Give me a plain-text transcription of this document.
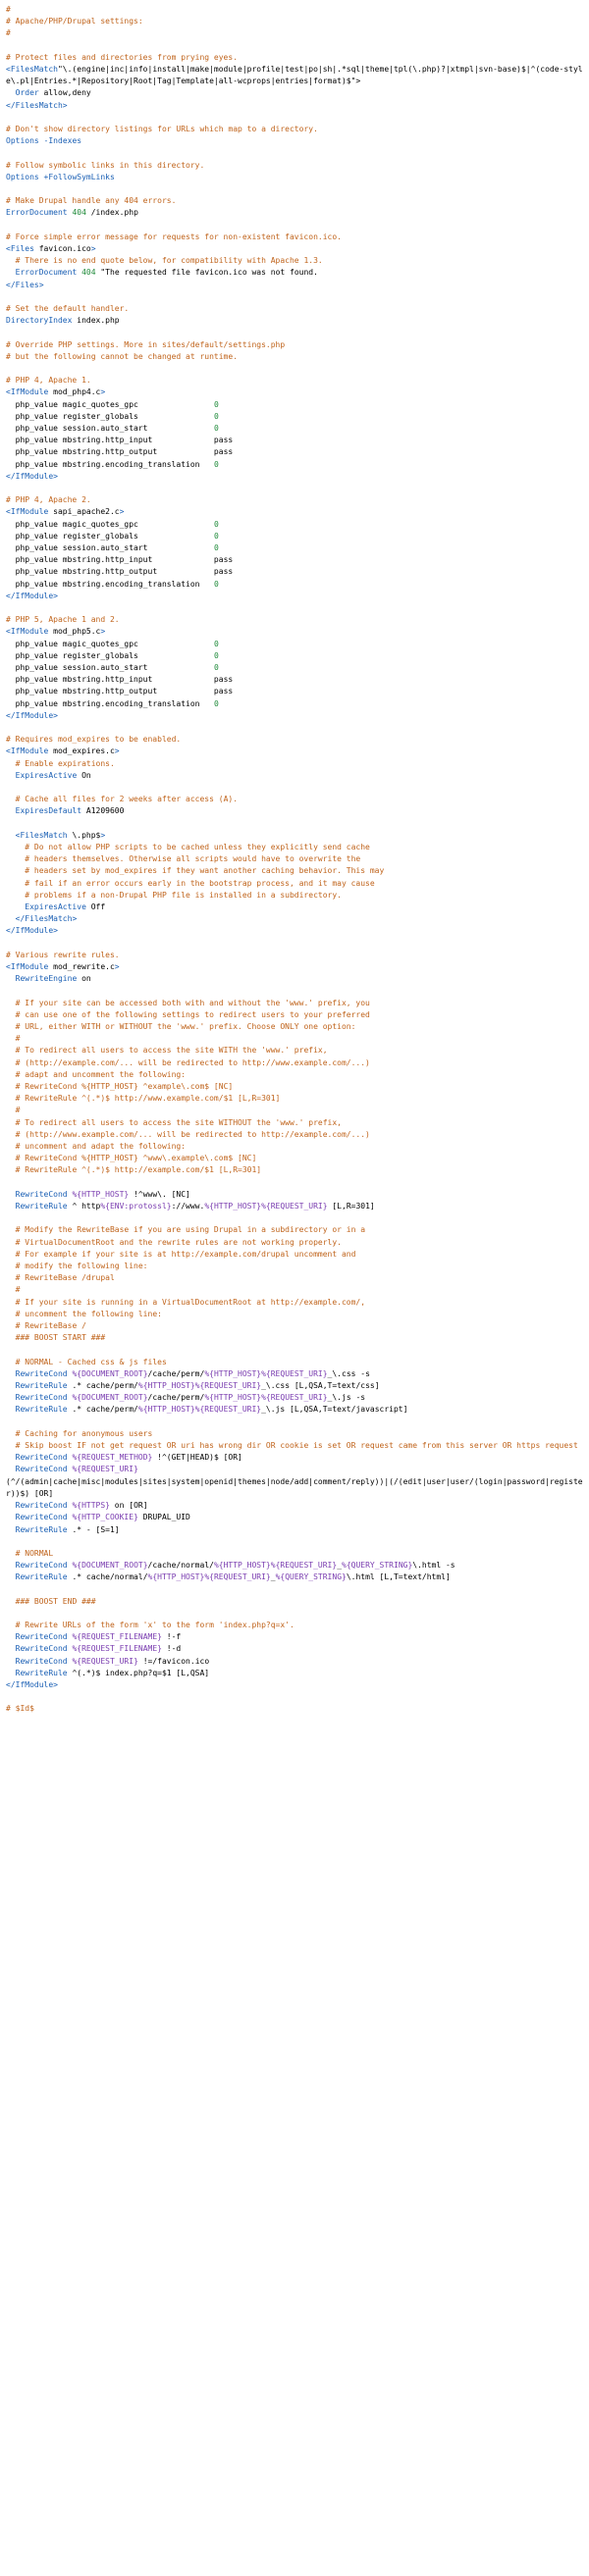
#
# Apache/PHP/Drupal settings:
#
# Protect files and directories from prying eyes.
<FilesMatch"\.(engine|inc|info|install|make|module|profile|test|po|sh|.*sql|theme|tpl(\.php)?|xtmpl|svn-base)$|^(code-style\.pl|Entries.*|Repository|Root|Tag|Template|all-wcprops|entries|format)$">
Order allow,deny
</FilesMatch>
# Don't show directory listings for URLs which map to a directory.
Options -Indexes
# Follow symbolic links in this directory.
Options +FollowSymLinks
# Make Drupal handle any 404 errors.
ErrorDocument 404 /index.php
# Force simple error message for requests for non-existent favicon.ico.
<Files favicon.ico>
# There is no end quote below, for compatibility with Apache 1.3.
ErrorDocument 404 "The requested file favicon.ico was not found.
</Files>
# Set the default handler.
DirectoryIndex index.php
# Override PHP settings. More in sites/default/settings.php
# but the following cannot be changed at runtime.
# PHP 4, Apache 1.
<IfModule mod_php4.c>
php_value magic_quotes_gpc                0
php_value register_globals                0
php_value session.auto_start              0
php_value mbstring.http_input             pass
php_value mbstring.http_output            pass
php_value mbstring.encoding_translation   0
</IfModule>
# PHP 4, Apache 2.
<IfModule sapi_apache2.c>
php_value magic_quotes_gpc                0
php_value register_globals                0
php_value session.auto_start              0
php_value mbstring.http_input             pass
php_value mbstring.http_output            pass
php_value mbstring.encoding_translation   0
</IfModule>
# PHP 5, Apache 1 and 2.
<IfModule mod_php5.c>
php_value magic_quotes_gpc                0
php_value register_globals                0
php_value session.auto_start              0
php_value mbstring.http_input             pass
php_value mbstring.http_output            pass
php_value mbstring.encoding_translation   0
</IfModule>
# Requires mod_expires to be enabled.
<IfModule mod_expires.c>
# Enable expirations.
ExpiresActive On
# Cache all files for 2 weeks after access (A).
ExpiresDefault A1209600
<FilesMatch \.php$>
# Do not allow PHP scripts to be cached unless they explicitly send cache
# headers themselves. Otherwise all scripts would have to overwrite the
# headers set by mod_expires if they want another caching behavior. This may
# fail if an error occurs early in the bootstrap process, and it may cause
# problems if a non-Drupal PHP file is installed in a subdirectory.
ExpiresActive Off
</FilesMatch>
</IfModule>
# Various rewrite rules.
<IfModule mod_rewrite.c>
RewriteEngine on
# If your site can be accessed both with and without the 'www.' prefix, you
# can use one of the following settings to redirect users to your preferred
# URL, either WITH or WITHOUT the 'www.' prefix. Choose ONLY one option:
#
# To redirect all users to access the site WITH the 'www.' prefix,
# (http://example.com/... will be redirected to http://www.example.com/...)
# adapt and uncomment the following:
# RewriteCond %{HTTP_HOST} ^example\.com$ [NC]
# RewriteRule ^(.*)$ http://www.example.com/$1 [L,R=301]
#
# To redirect all users to access the site WITHOUT the 'www.' prefix,
# (http://www.example.com/... will be redirected to http://example.com/...)
# uncomment and adapt the following:
# RewriteCond %{HTTP_HOST} ^www\.example\.com$ [NC]
# RewriteRule ^(.*)$ http://example.com/$1 [L,R=301]
RewriteCond %{HTTP_HOST} !^www\. [NC]
RewriteRule ^ http%{ENV:protossl}://www.%{HTTP_HOST}%{REQUEST_URI} [L,R=301]
# Modify the RewriteBase if you are using Drupal in a subdirectory or in a
# VirtualDocumentRoot and the rewrite rules are not working properly.
# For example if your site is at http://example.com/drupal uncomment and
# modify the following line:
# RewriteBase /drupal
#
# If your site is running in a VirtualDocumentRoot at http://example.com/,
# uncomment the following line:
# RewriteBase /
### BOOST START ###
# NORMAL - Cached css & js files
RewriteCond %{DOCUMENT_ROOT}/cache/perm/%{HTTP_HOST}%{REQUEST_URI}_\.css -s
RewriteRule .* cache/perm/%{HTTP_HOST}%{REQUEST_URI}_\.css [L,QSA,T=text/css]
RewriteCond %{DOCUMENT_ROOT}/cache/perm/%{HTTP_HOST}%{REQUEST_URI}_\.js -s
RewriteRule .* cache/perm/%{HTTP_HOST}%{REQUEST_URI}_\.js [L,QSA,T=text/javascript]
# Caching for anonymous users
# Skip boost IF not get request OR uri has wrong dir OR cookie is set OR request came from this server OR https request
RewriteCond %{REQUEST_METHOD} !^(GET|HEAD)$ [OR]
RewriteCond %{REQUEST_URI}
(^/(admin|cache|misc|modules|sites|system|openid|themes|node/add|comment/reply))|(/(edit|user|user/(login|password|register))$) [OR]
RewriteCond %{HTTPS} on [OR]
RewriteCond %{HTTP_COOKIE} DRUPAL_UID
RewriteRule .* - [S=1]
# NORMAL
RewriteCond %{DOCUMENT_ROOT}/cache/normal/%{HTTP_HOST}%{REQUEST_URI}_%{QUERY_STRING}\.html -s
RewriteRule .* cache/normal/%{HTTP_HOST}%{REQUEST_URI}_%{QUERY_STRING}\.html [L,T=text/html]
### BOOST END ###
# Rewrite URLs of the form 'x' to the form 'index.php?q=x'.
RewriteCond %{REQUEST_FILENAME} !-f
RewriteCond %{REQUEST_FILENAME} !-d
RewriteCond %{REQUEST_URI} !=/favicon.ico
RewriteRule ^(.*)$ index.php?q=$1 [L,QSA]
</IfModule>
# $Id$
